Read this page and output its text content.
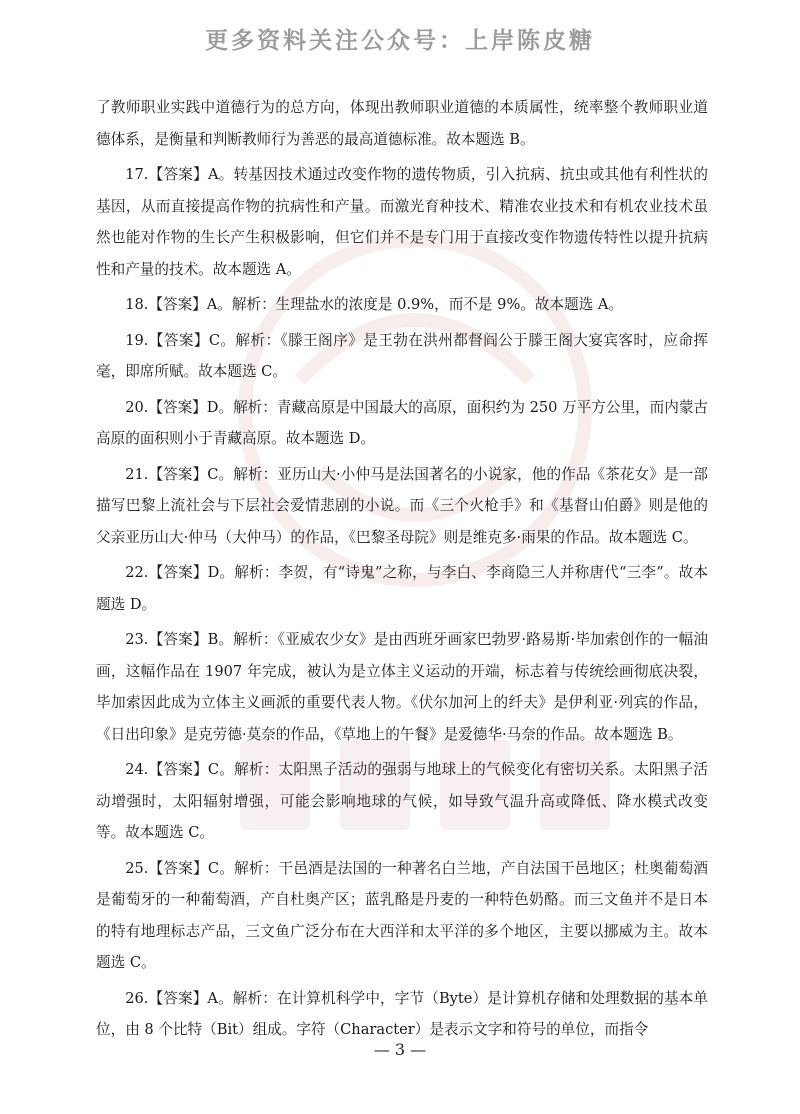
更多资料关注公众号：上岸陈皮糖

了教师职业实践中道德行为的总方向，体现出教师职业道德的本质属性，统率整个教师职业道德体系，是衡量和判断教师行为善恶的最高道德标准。故本题选 B。

17.【答案】A。转基因技术通过改变作物的遗传物质，引入抗病、抗虫或其他有利性状的基因，从而直接提高作物的抗病性和产量。而激光育种技术、精准农业技术和有机农业技术虽然也能对作物的生长产生积极影响，但它们并不是专门用于直接改变作物遗传特性以提升抗病性和产量的技术。故本题选 A。

18.【答案】A。解析：生理盐水的浓度是 0.9%，而不是 9%。故本题选 A。

19.【答案】C。解析：《滕王阁序》是王勃在洪州都督阎公于滕王阁大宴宾客时，应命挥毫，即席所赋。故本题选 C。

20.【答案】D。解析：青藏高原是中国最大的高原，面积约为 250 万平方公里，而内蒙古高原的面积则小于青藏高原。故本题选 D。

21.【答案】C。解析：亚历山大·小仲马是法国著名的小说家，他的作品《茶花女》是一部描写巴黎上流社会与下层社会爱情悲剧的小说。而《三个火枪手》和《基督山伯爵》则是他的父亲亚历山大·仲马（大仲马）的作品，《巴黎圣母院》则是维克多·雨果的作品。故本题选 C。

22.【答案】D。解析：李贺，有“诗鬼”之称，与李白、李商隐三人并称唐代“三李”。故本题选 D。

23.【答案】B。解析：《亚威农少女》是由西班牙画家巴勃罗·路易斯·毕加索创作的一幅油画，这幅作品在 1907 年完成，被认为是立体主义运动的开端，标志着与传统绘画彻底决裂，毕加索因此成为立体主义画派的重要代表人物。《伏尔加河上的纤夫》是伊利亚·列宾的作品，《日出印象》是克劳德·莫奈的作品，《草地上的午餐》是爱德华·马奈的作品。故本题选 B。

24.【答案】C。解析：太阳黑子活动的强弱与地球上的气候变化有密切关系。太阳黑子活动增强时，太阳辐射增强，可能会影响地球的气候，如导致气温升高或降低、降水模式改变等。故本题选 C。

25.【答案】C。解析：干邑酒是法国的一种著名白兰地，产自法国干邑地区；杜奥葡萄酒是葡萄牙的一种葡萄酒，产自杜奥产区；蓝乳酪是丹麦的一种特色奶酪。而三文鱼并不是日本的特有地理标志产品，三文鱼广泛分布在大西洋和太平洋的多个地区，主要以挪威为主。故本题选 C。

26.【答案】A。解析：在计算机科学中，字节（Byte）是计算机存储和处理数据的基本单位，由 8 个比特（Bit）组成。字符（Character）是表示文字和符号的单位，而指令

— 3 —
